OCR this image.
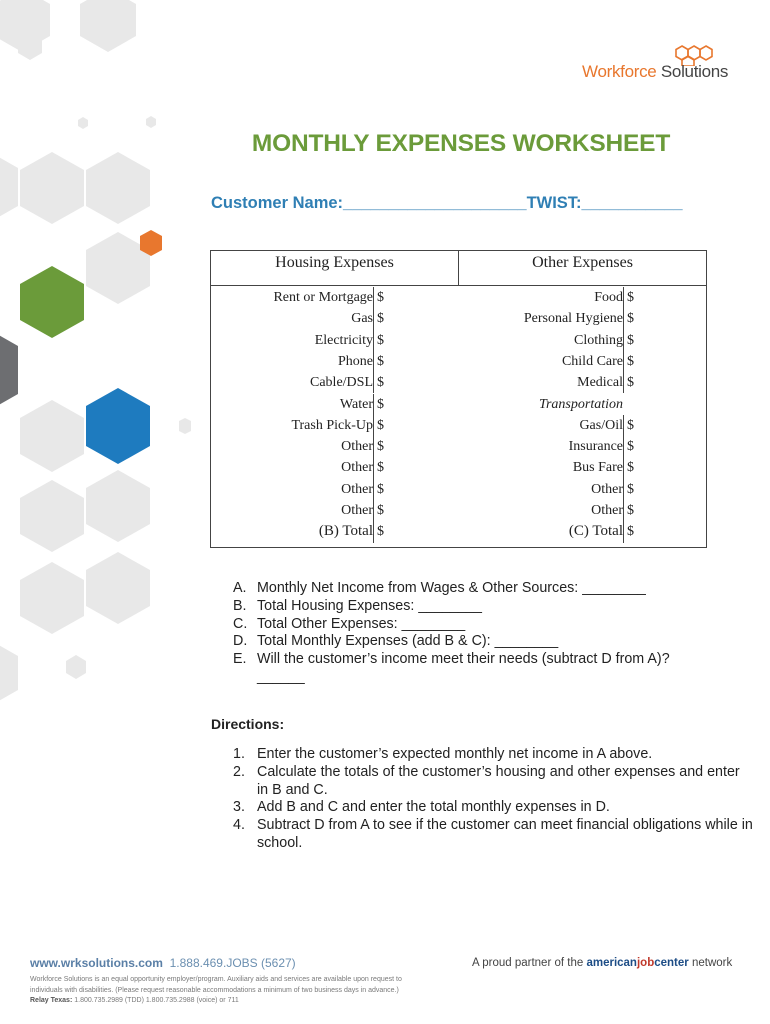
Workforce Solutions
MONTHLY EXPENSES WORKSHEET
Customer Name:____________________TWIST:___________
Housing Expenses	Other Expenses
Rent or Mortgage $
Gas $
Electricity $
Phone $
Cable/DSL $
Water $
Trash Pick-Up $
Other $
Other $
Other $
Other $
(B) Total $
Food $
Personal Hygiene $
Clothing $
Child Care $
Medical $
Transportation
Gas/Oil $
Insurance $
Bus Fare $
Other $
Other $
(C) Total $
A. Monthly Net Income from Wages & Other Sources: ________
B. Total Housing Expenses: ________
C. Total Other Expenses: ________
D. Total Monthly Expenses (add B & C): ________
E. Will the customer’s income meet their needs (subtract D from A)? ______
Directions:
1. Enter the customer’s expected monthly net income in A above.
2. Calculate the totals of the customer’s housing and other expenses and enter in B and C.
3. Add B and C and enter the total monthly expenses in D.
4. Subtract D from A to see if the customer can meet financial obligations while in school.
www.wrksolutions.com 1.888.469.JOBS (5627)
Workforce Solutions is an equal opportunity employer/program. Auxiliary aids and services are available upon request to individuals with disabilities. (Please request reasonable accommodations a minimum of two business days in advance.) Relay Texas: 1.800.735.2989 (TDD) 1.800.735.2988 (voice) or 711
A proud partner of the americanjobcenter network
